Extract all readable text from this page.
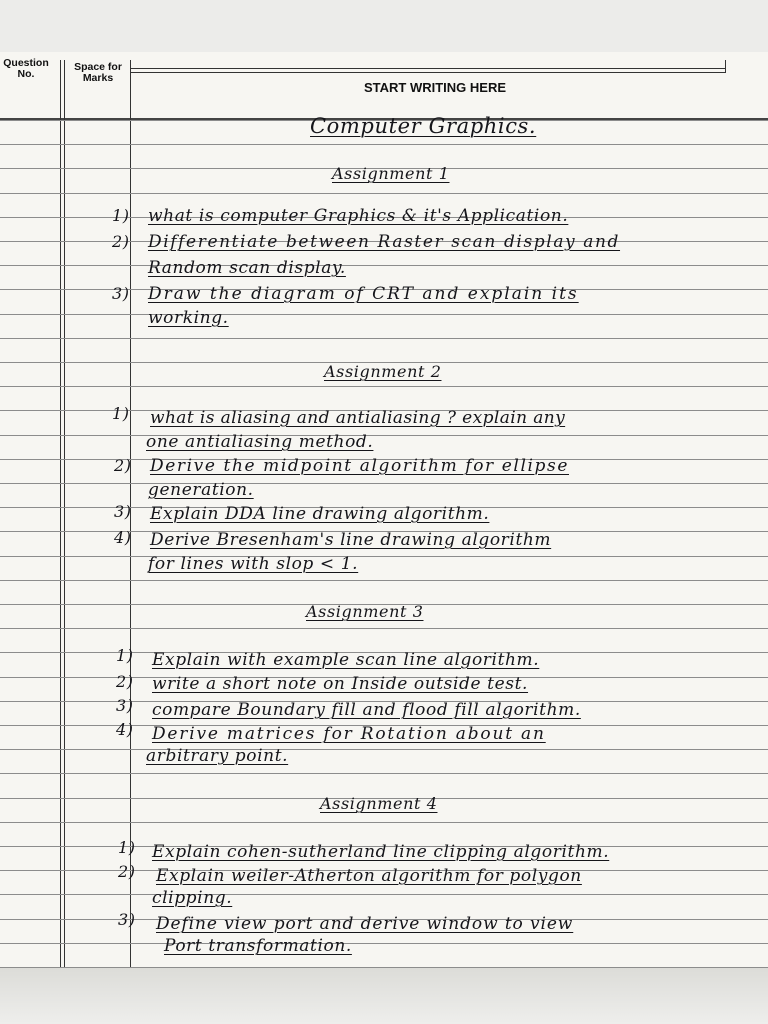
Question No.
Space for Marks
START WRITING HERE
Computer Graphics.
Assignment 1
1) what is computer Graphics & it's Application.
2) Differentiate between Raster scan display and
Random scan display.
3) Draw the diagram of CRT and explain its
working.
Assignment 2
1) what is aliasing and antialiasing ? explain any
one antialiasing method.
2) Derive the midpoint algorithm for ellipse
generation.
3) Explain DDA line drawing algorithm.
4) Derive Bresenham's line drawing algorithm
for lines with slop < 1.
Assignment 3
1) Explain with example scan line algorithm.
2) write a short note on Inside outside test.
3) compare Boundary fill and flood fill algorithm.
4) Derive matrices for Rotation about an
arbitrary point.
Assignment 4
1) Explain cohen-sutherland line clipping algorithm.
2) Explain weiler-Atherton algorithm for polygon
clipping.
3) Define view port and derive window to view
Port transformation.
